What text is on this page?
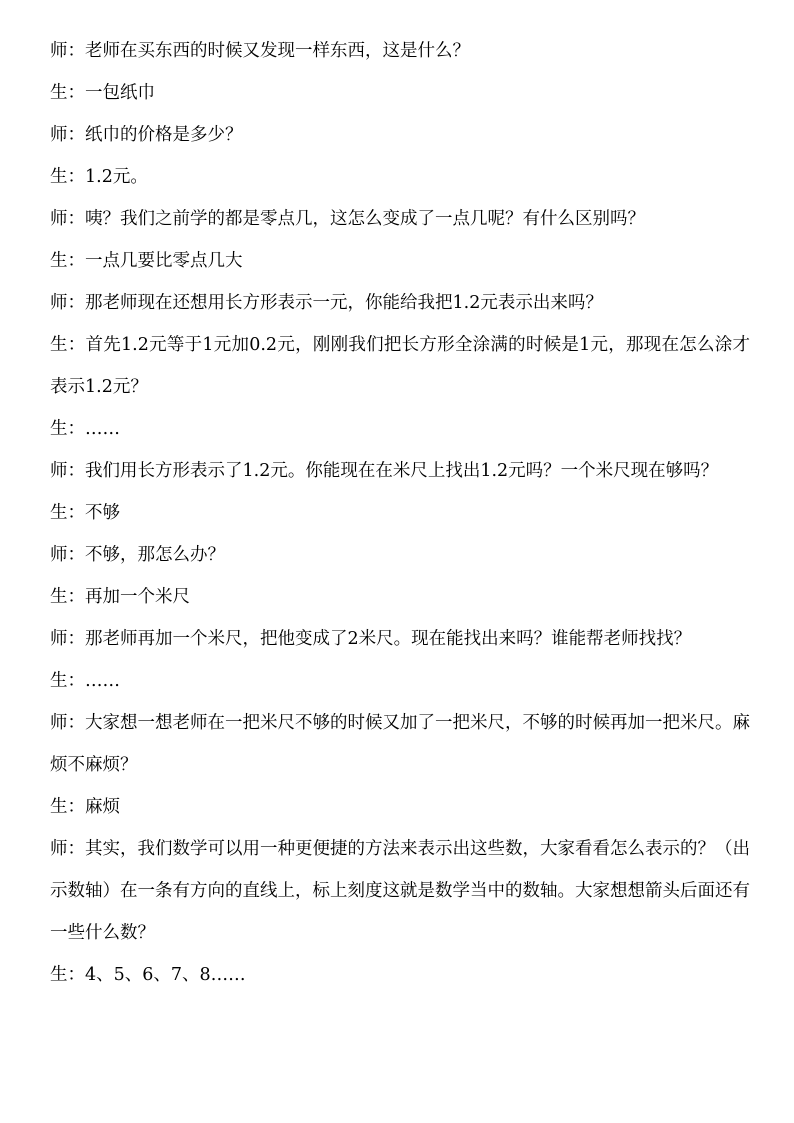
师：老师在买东西的时候又发现一样东西，这是什么？

生：一包纸巾

师：纸巾的价格是多少？

生：1.2元。

师：咦？我们之前学的都是零点几，这怎么变成了一点几呢？有什么区别吗？

生：一点几要比零点几大

师：那老师现在还想用长方形表示一元，你能给我把1.2元表示出来吗？

生：首先1.2元等于1元加0.2元，刚刚我们把长方形全涂满的时候是1元，那现在怎么涂才表示1.2元？

生：……

师：我们用长方形表示了1.2元。你能现在在米尺上找出1.2元吗？一个米尺现在够吗？

生：不够

师：不够，那怎么办？

生：再加一个米尺

师：那老师再加一个米尺，把他变成了2米尺。现在能找出来吗？谁能帮老师找找？

生：……

师：大家想一想老师在一把米尺不够的时候又加了一把米尺，不够的时候再加一把米尺。麻烦不麻烦？

生：麻烦

师：其实，我们数学可以用一种更便捷的方法来表示出这些数，大家看看怎么表示的？（出示数轴）在一条有方向的直线上，标上刻度这就是数学当中的数轴。大家想想箭头后面还有一些什么数？

生：4、5、6、7、8……
